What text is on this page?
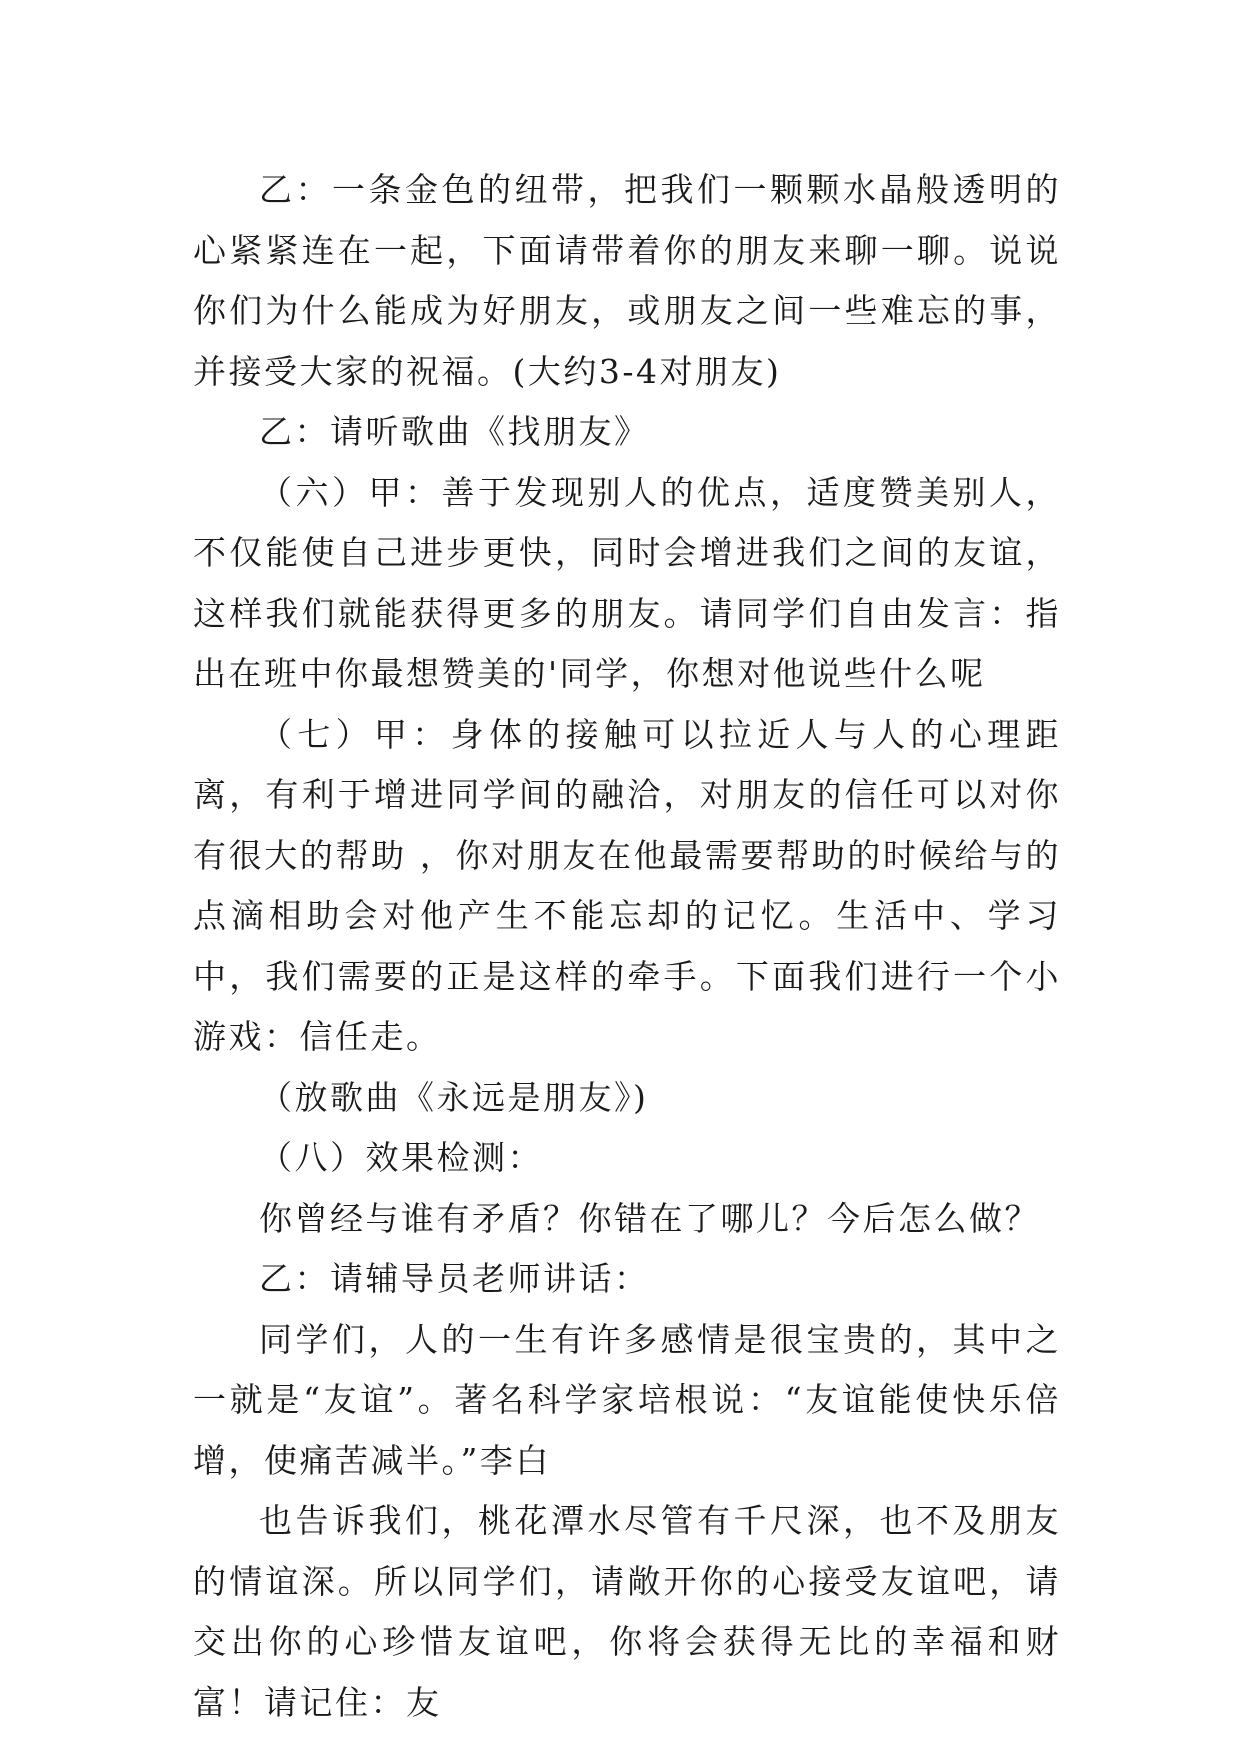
乙：一条金色的纽带，把我们一颗颗水晶般透明的心紧紧连在一起，下面请带着你的朋友来聊一聊。说说你们为什么能成为好朋友，或朋友之间一些难忘的事，并接受大家的祝福。(大约3-4对朋友)

乙：请听歌曲《找朋友》

（六）甲：善于发现别人的优点，适度赞美别人，不仅能使自己进步更快，同时会增进我们之间的友谊，这样我们就能获得更多的朋友。请同学们自由发言：指出在班中你最想赞美的'同学，你想对他说些什么呢

（七）甲：身体的接触可以拉近人与人的心理距离，有利于增进同学间的融洽，对朋友的信任可以对你有很大的帮助 ，你对朋友在他最需要帮助的时候给与的点滴相助会对他产生不能忘却的记忆。生活中、学习中，我们需要的正是这样的牵手。下面我们进行一个小游戏：信任走。

（放歌曲《永远是朋友》)

（八）效果检测：

你曾经与谁有矛盾？你错在了哪儿？今后怎么做？

乙：请辅导员老师讲话：

同学们，人的一生有许多感情是很宝贵的，其中之一就是“友谊”。著名科学家培根说：“友谊能使快乐倍增，使痛苦减半。”李白

也告诉我们，桃花潭水尽管有千尺深，也不及朋友的情谊深。所以同学们，请敞开你的心接受友谊吧，请交出你的心珍惜友谊吧，你将会获得无比的幸福和财富！请记住：友
